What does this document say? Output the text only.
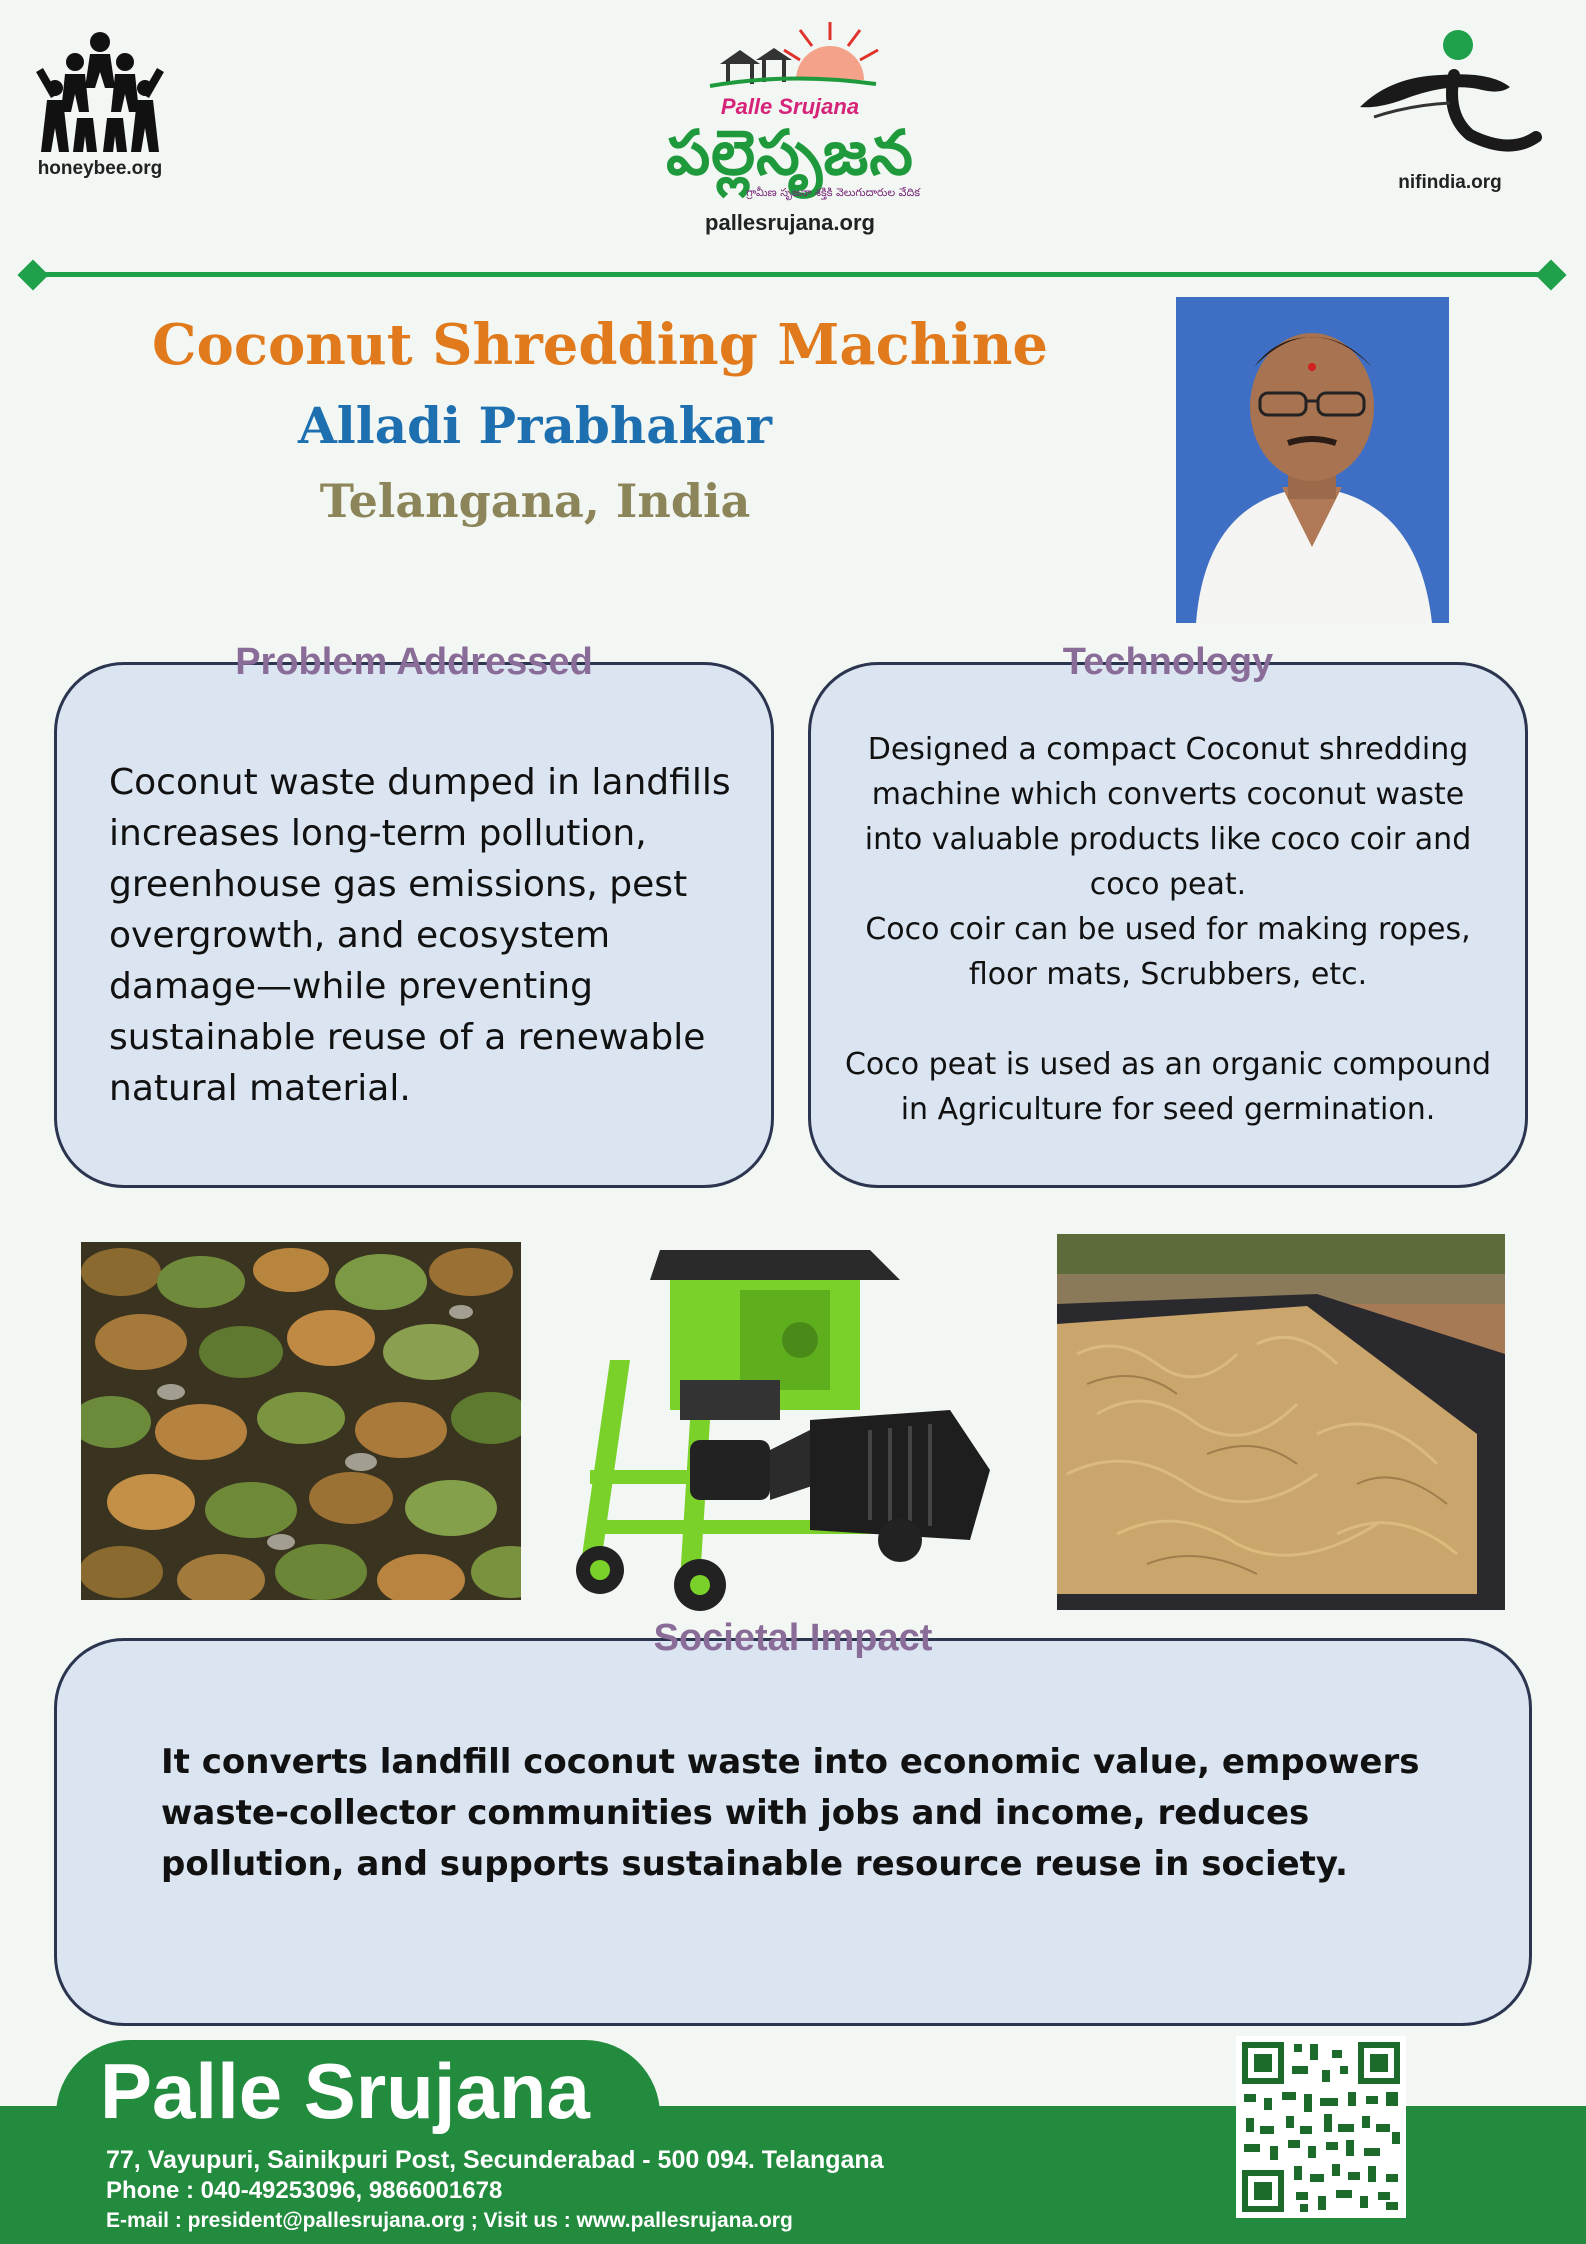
honeybee.org
Palle Srujana
పల్లెసృజన
గ్రామీణ సృజనా శక్తికి వెలుగుదారుల వేదిక
pallesrujana.org
nifindia.org
Coconut Shredding Machine
Alladi Prabhakar
Telangana, India
Problem Addressed
Coconut waste dumped in landfills increases long-term pollution, greenhouse gas emissions, pest overgrowth, and ecosystem damage—while preventing sustainable reuse of a renewable natural material.
Technology

Designed a compact Coconut shredding machine which converts coconut waste into valuable products like coco coir and coco peat.

Coco coir can be used for making ropes, floor mats, Scrubbers, etc.

Coco peat is used as an organic compound in Agriculture for seed germination.

Societal Impact
It converts landfill coconut waste into economic value, empowers waste-collector communities with jobs and income, reduces pollution, and supports sustainable resource reuse in society.
Palle Srujana
77, Vayupuri, Sainikpuri Post, Secunderabad - 500 094. Telangana
Phone : 040-49253096, 9866001678
E-mail : president@pallesrujana.org ; Visit us : www.pallesrujana.org
